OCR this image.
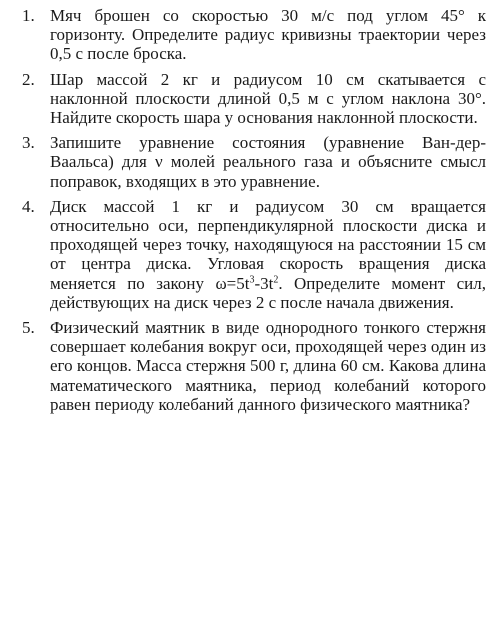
1. Мяч брошен со скоростью 30 м/с под углом 45° к горизонту. Определите радиус кривизны траектории через 0,5 с после броска.
2. Шар массой 2 кг и радиусом 10 см скатывается с наклонной плоскости длиной 0,5 м с углом наклона 30°. Найдите скорость шара у основания наклонной плоскости.
3. Запишите уравнение состояния (уравнение Ван-дер-Ваальса) для ν молей реального газа и объясните смысл поправок, входящих в это уравнение.
4. Диск массой 1 кг и радиусом 30 см вращается относительно оси, перпендикулярной плоскости диска и проходящей через точку, находящуюся на расстоянии 15 см от центра диска. Угловая скорость вращения диска меняется по закону $\omega=5t^3-3t^2$. Определите момент сил, действующих на диск через 2 с после начала движения.
5. Физический маятник в виде однородного тонкого стержня совершает колебания вокруг оси, проходящей через один из его концов. Масса стержня 500 г, длина 60 см. Какова длина математического маятника, период колебаний которого равен периоду колебаний данного физического маятника?
